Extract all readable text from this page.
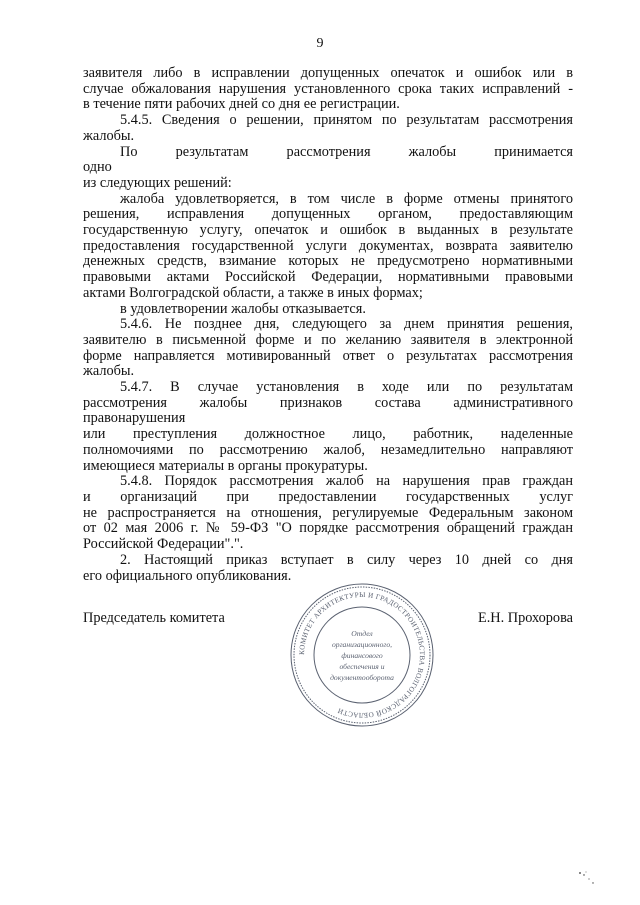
9

заявителя либо в исправлении допущенных опечаток и ошибок или в

случае обжалования нарушения установленного срока таких исправлений -

в течение пяти рабочих дней со дня ее регистрации.

5.4.5. Сведения о решении, принятом по результатам рассмотрения

жалобы.

По результатам рассмотрения жалобы принимается одно

из следующих решений:

жалоба удовлетворяется, в том числе в форме отмены принятого

решения, исправления допущенных органом, предоставляющим

государственную услугу, опечаток и ошибок в выданных в результате

предоставления государственной услуги документах, возврата заявителю

денежных средств, взимание которых не предусмотрено нормативными

правовыми актами Российской Федерации, нормативными правовыми

актами Волгоградской области, а также в иных формах;

в удовлетворении жалобы отказывается.

5.4.6. Не позднее дня, следующего за днем принятия решения,

заявителю в письменной форме и по желанию заявителя в электронной

форме направляется мотивированный ответ о результатах рассмотрения

жалобы.

5.4.7. В случае установления в ходе или по результатам

рассмотрения жалобы признаков состава административного

правонарушения

или преступления должностное лицо, работник, наделенные

полномочиями по рассмотрению жалоб, незамедлительно направляют

имеющиеся материалы в органы прокуратуры.

5.4.8. Порядок рассмотрения жалоб на нарушения прав граждан

и организаций при предоставлении государственных услуг

не распространяется на отношения, регулируемые Федеральным законом

от 02 мая 2006 г. № 59-ФЗ "О порядке рассмотрения обращений граждан

Российской Федерации".".

2. Настоящий приказ вступает в силу через 10 дней со дня

его официального опубликования.

Председатель комитета	Е.Н. Прохорова
КОМИТЕТ АРХИТЕКТУРЫ И ГРАДОСТРОИТЕЛЬСТВА ВОЛГОГРАДСКОЙ ОБЛАСТИ
Отдел
организационного,
финансового
обеспечения и
документооборота
